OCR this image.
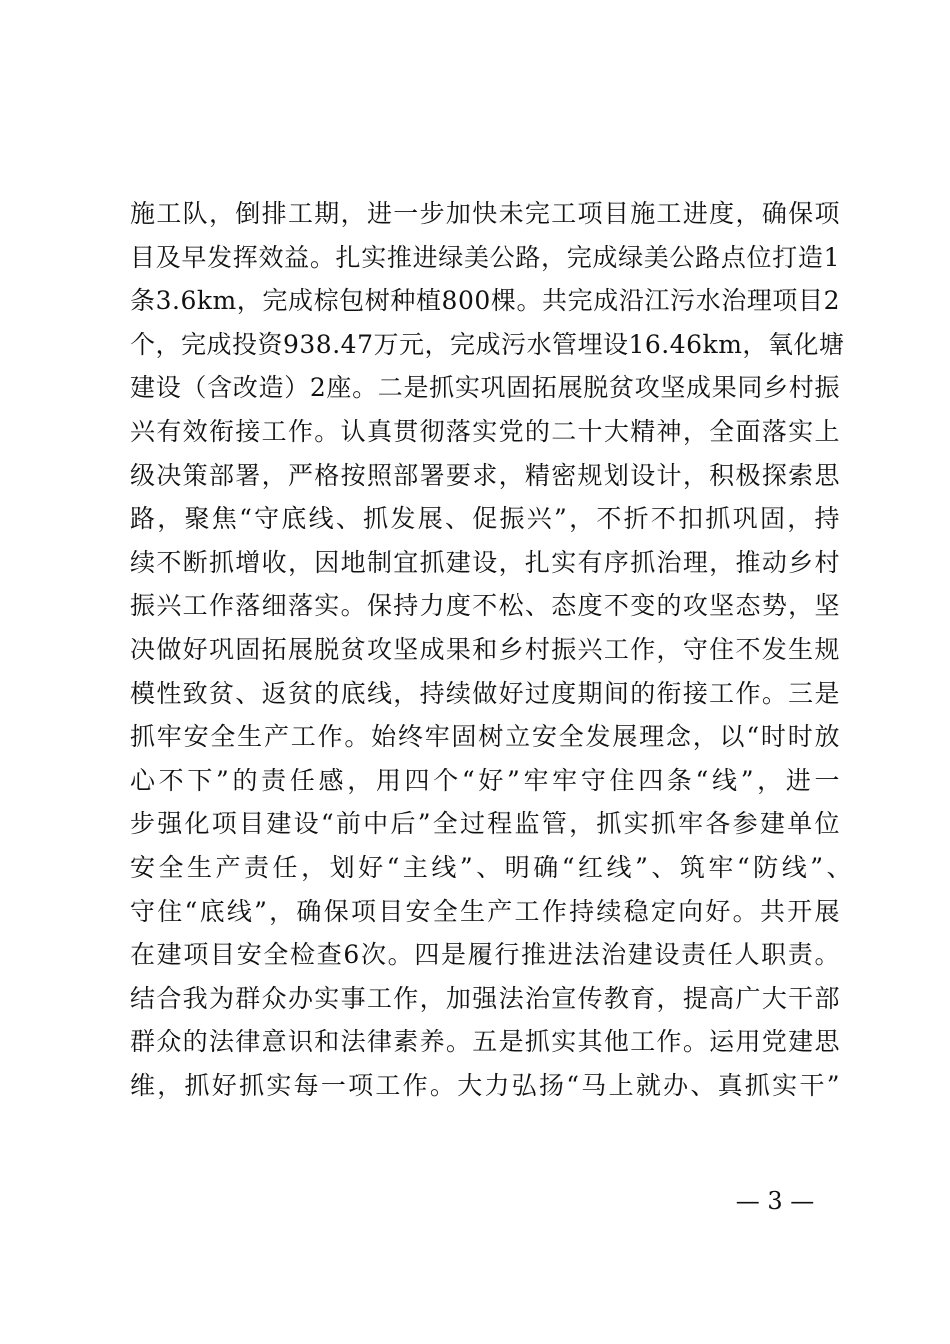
施工队，倒排工期，进一步加快未完工项目施工进度，确保项
目及早发挥效益。扎实推进绿美公路，完成绿美公路点位打造1
条3.6km，完成棕包树种植800棵。共完成沿江污水治理项目2
个，完成投资938.47万元，完成污水管埋设16.46km，氧化塘
建设（含改造）2座。二是抓实巩固拓展脱贫攻坚成果同乡村振
兴有效衔接工作。认真贯彻落实党的二十大精神，全面落实上
级决策部署，严格按照部署要求，精密规划设计，积极探索思
路，聚焦“守底线、抓发展、促振兴”，不折不扣抓巩固，持
续不断抓增收，因地制宜抓建设，扎实有序抓治理，推动乡村
振兴工作落细落实。保持力度不松、态度不变的攻坚态势，坚
决做好巩固拓展脱贫攻坚成果和乡村振兴工作，守住不发生规
模性致贫、返贫的底线，持续做好过度期间的衔接工作。三是
抓牢安全生产工作。始终牢固树立安全发展理念，以“时时放
心不下”的责任感，用四个“好”牢牢守住四条“线”，进一
步强化项目建设“前中后”全过程监管，抓实抓牢各参建单位
安全生产责任，划好“主线”、明确“红线”、筑牢“防线”、
守住“底线”，确保项目安全生产工作持续稳定向好。共开展
在建项目安全检查6次。四是履行推进法治建设责任人职责。
结合我为群众办实事工作，加强法治宣传教育，提高广大干部
群众的法律意识和法律素养。五是抓实其他工作。运用党建思
维，抓好抓实每一项工作。大力弘扬“马上就办、真抓实干”
— 3 —
